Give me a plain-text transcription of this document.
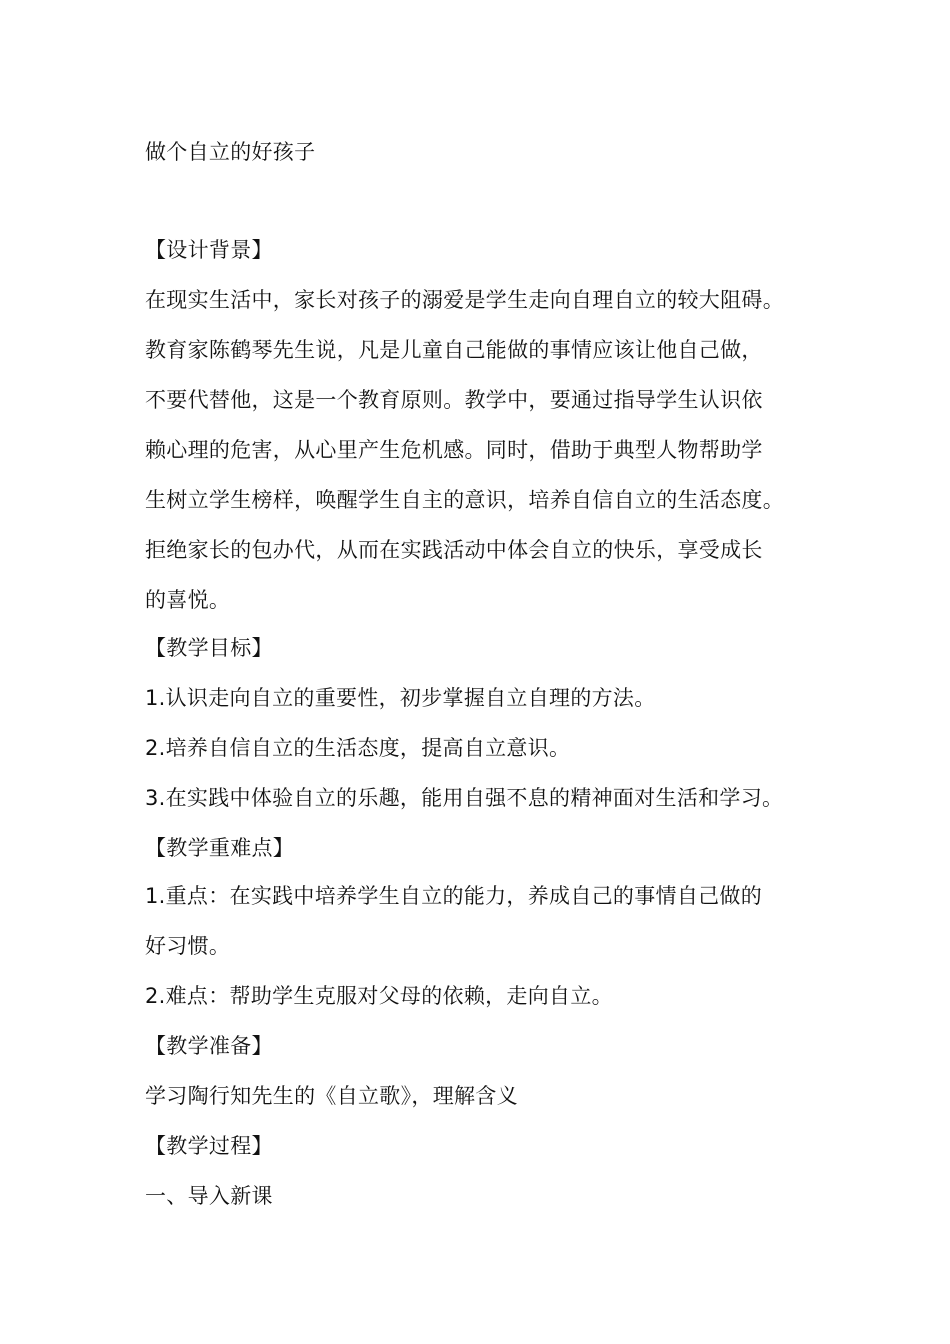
做个自立的好孩子
【设计背景】
在现实生活中，家长对孩子的溺爱是学生走向自理自立的较大阻碍。
教育家陈鹤琴先生说，凡是儿童自己能做的事情应该让他自己做，
不要代替他，这是一个教育原则。教学中，要通过指导学生认识依
赖心理的危害，从心里产生危机感。同时，借助于典型人物帮助学
生树立学生榜样，唤醒学生自主的意识，培养自信自立的生活态度。
拒绝家长的包办代，从而在实践活动中体会自立的快乐，享受成长
的喜悦。
【教学目标】
1.认识走向自立的重要性，初步掌握自立自理的方法。
2.培养自信自立的生活态度，提高自立意识。
3.在实践中体验自立的乐趣，能用自强不息的精神面对生活和学习。
【教学重难点】
1.重点：在实践中培养学生自立的能力，养成自己的事情自己做的
好习惯。
2.难点：帮助学生克服对父母的依赖，走向自立。
【教学准备】
学习陶行知先生的《自立歌》，理解含义
【教学过程】
一、导入新课
